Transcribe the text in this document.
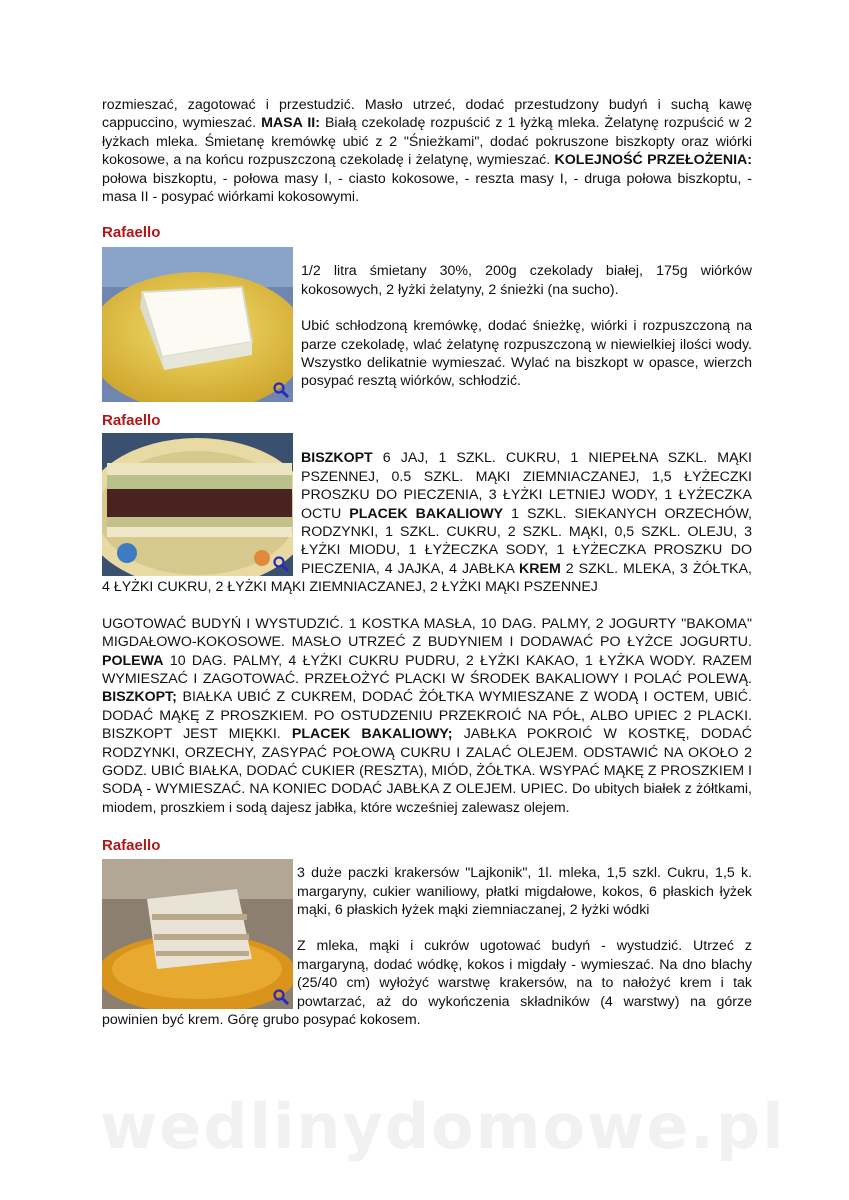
rozmieszać, zagotować i przestudzić. Masło utrzeć, dodać przestudzony budyń i suchą kawę cappuccino, wymieszać. MASA II: Białą czekoladę rozpuścić z 1 łyżką mleka. Żelatynę rozpuścić w 2 łyżkach mleka. Śmietanę kremówkę ubić z 2 "Śnieżkami", dodać pokruszone biszkopty oraz wiórki kokosowe, a na końcu rozpuszczoną czekoladę i żelatynę, wymieszać. KOLEJNOŚĆ PRZEŁOŻENIA: połowa biszkoptu, - połowa masy I, - ciasto kokosowe, - reszta masy I, - druga połowa biszkoptu, - masa II - posypać wiórkami kokosowymi.

Rafaello

1/2 litra śmietany 30%, 200g czekolady białej, 175g wiórków kokosowych, 2 łyżki żelatyny, 2 śnieżki (na sucho).

Ubić schłodzoną kremówkę, dodać śnieżkę, wiórki i rozpuszczoną na parze czekoladę, wlać żelatynę rozpuszczoną w niewielkiej ilości wody. Wszystko delikatnie wymieszać. Wylać na biszkopt w opasce, wierzch posypać resztą wiórków, schłodzić.

Rafaello

BISZKOPT 6 JAJ, 1 SZKL. CUKRU, 1 NIEPEŁNA SZKL. MĄKI PSZENNEJ, 0.5 SZKL. MĄKI ZIEMNIACZANEJ, 1,5 ŁYŻECZKI PROSZKU DO PIECZENIA, 3 ŁYŻKI LETNIEJ WODY, 1 ŁYŻECZKA OCTU PLACEK BAKALIOWY 1 SZKL. SIEKANYCH ORZECHÓW, RODZYNKI, 1 SZKL. CUKRU, 2 SZKL. MĄKI, 0,5 SZKL. OLEJU, 3 ŁYŻKI MIODU, 1 ŁYŻECZKA SODY, 1 ŁYŻECZKA PROSZKU DO PIECZENIA, 4 JAJKA, 4 JABŁKA KREM 2 SZKL. MLEKA, 3 ŻÓŁTKA, 4 ŁYŻKI CUKRU, 2 ŁYŻKI MĄKI ZIEMNIACZANEJ, 2 ŁYŻKI MĄKI PSZENNEJ

UGOTOWAĆ BUDYŃ I WYSTUDZIĆ. 1 KOSTKA MASŁA, 10 DAG. PALMY, 2 JOGURTY "BAKOMA" MIGDAŁOWO-KOKOSOWE. MASŁO UTRZEĆ Z BUDYNIEM I DODAWAĆ PO ŁYŻCE JOGURTU. POLEWA 10 DAG. PALMY, 4 ŁYŻKI CUKRU PUDRU, 2 ŁYŻKI KAKAO, 1 ŁYŻKA WODY. RAZEM WYMIESZAĆ I ZAGOTOWAĆ. PRZEŁOŻYĆ PLACKI W ŚRODEK BAKALIOWY I POLAĆ POLEWĄ. BISZKOPT; BIAŁKA UBIĆ Z CUKREM, DODAĆ ŻÓŁTKA WYMIESZANE Z WODĄ I OCTEM, UBIĆ. DODAĆ MĄKĘ Z PROSZKIEM. PO OSTUDZENIU PRZEKROIĆ NA PÓŁ, ALBO UPIEC 2 PLACKI. BISZKOPT JEST MIĘKKI. PLACEK BAKALIOWY; JABŁKA POKROIĆ W KOSTKĘ, DODAĆ RODZYNKI, ORZECHY, ZASYPAĆ POŁOWĄ CUKRU I ZALAĆ OLEJEM. ODSTAWIĆ NA OKOŁO 2 GODZ. UBIĆ BIAŁKA, DODAĆ CUKIER (RESZTA), MIÓD, ŻÓŁTKA. WSYPAĆ MĄKĘ Z PROSZKIEM I SODĄ - WYMIESZAĆ. NA KONIEC DODAĆ JABŁKA Z OLEJEM. UPIEC. Do ubitych białek z żółtkami, miodem, proszkiem i sodą dajesz jabłka, które wcześniej zalewasz olejem.

Rafaello

3 duże paczki krakersów "Lajkonik", 1l. mleka, 1,5 szkl. Cukru, 1,5 k. margaryny, cukier waniliowy, płatki migdałowe, kokos, 6 płaskich łyżek mąki, 6 płaskich łyżek mąki ziemniaczanej, 2 łyżki wódki

Z mleka, mąki i cukrów ugotować budyń - wystudzić. Utrzeć z margaryną, dodać wódkę, kokos i migdały - wymieszać. Na dno blachy (25/40 cm) wyłożyć warstwę krakersów, na to nałożyć krem i tak powtarzać, aż do wykończenia składników (4 warstwy) na górze powinien być krem. Górę grubo posypać kokosem.

wedlinydomowe.pl
